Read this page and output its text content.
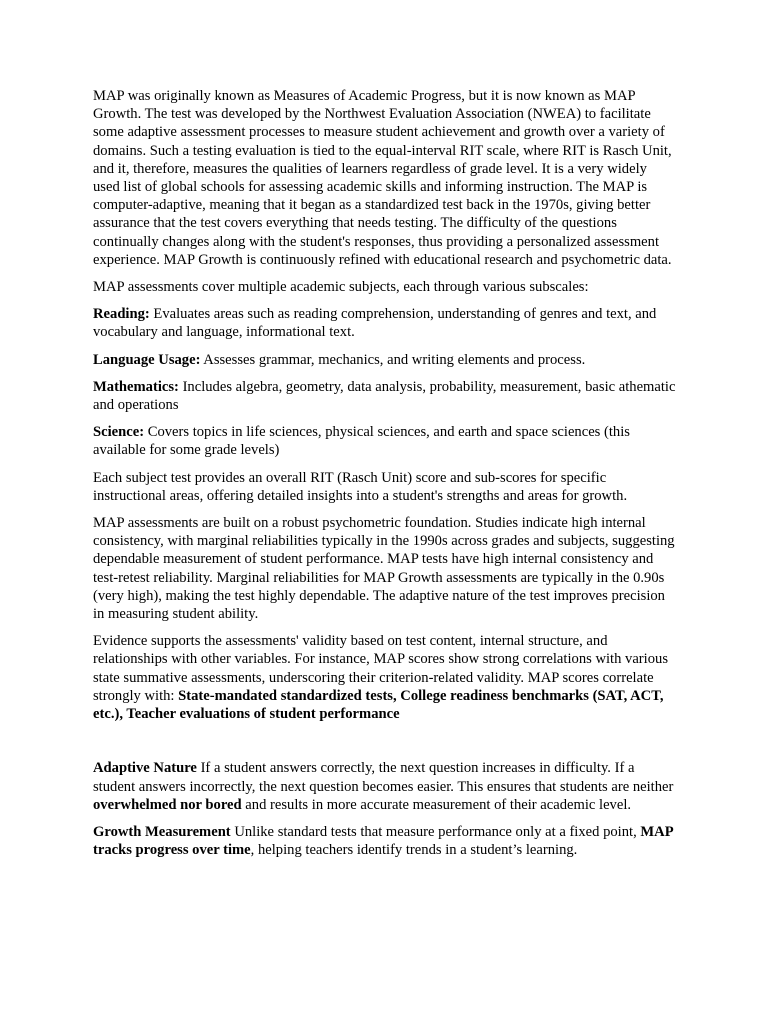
MAP was originally known as Measures of Academic Progress, but it is now known as MAP Growth. The test was developed by the Northwest Evaluation Association (NWEA) to facilitate some adaptive assessment processes to measure student achievement and growth over a variety of domains. Such a testing evaluation is tied to the equal-interval RIT scale, where RIT is Rasch Unit, and it, therefore, measures the qualities of learners regardless of grade level. It is a very widely used list of global schools for assessing academic skills and informing instruction. The MAP is computer-adaptive, meaning that it began as a standardized test back in the 1970s, giving better assurance that the test covers everything that needs testing. The difficulty of the questions continually changes along with the student's responses, thus providing a personalized assessment experience. MAP Growth is continuously refined with educational research and psychometric data.

MAP assessments cover multiple academic subjects, each through various subscales:

Reading: Evaluates areas such as reading comprehension, understanding of genres and text, and vocabulary and language, informational text.

Language Usage: Assesses grammar, mechanics, and writing elements and process.

Mathematics: Includes algebra, geometry, data analysis, probability, measurement, basic athematic and operations

Science: Covers topics in life sciences, physical sciences, and earth and space sciences (this available for some grade levels)

Each subject test provides an overall RIT (Rasch Unit) score and sub-scores for specific instructional areas, offering detailed insights into a student's strengths and areas for growth.

MAP assessments are built on a robust psychometric foundation. Studies indicate high internal consistency, with marginal reliabilities typically in the 1990s across grades and subjects, suggesting dependable measurement of student performance. MAP tests have high internal consistency and test-retest reliability. Marginal reliabilities for MAP Growth assessments are typically in the 0.90s (very high), making the test highly dependable. The adaptive nature of the test improves precision in measuring student ability.

Evidence supports the assessments' validity based on test content, internal structure, and relationships with other variables. For instance, MAP scores show strong correlations with various state summative assessments, underscoring their criterion-related validity. MAP scores correlate strongly with: State-mandated standardized tests, College readiness benchmarks (SAT, ACT, etc.), Teacher evaluations of student performance

Adaptive Nature If a student answers correctly, the next question increases in difficulty. If a student answers incorrectly, the next question becomes easier. This ensures that students are neither overwhelmed nor bored and results in more accurate measurement of their academic level.

Growth Measurement Unlike standard tests that measure performance only at a fixed point, MAP tracks progress over time, helping teachers identify trends in a student’s learning.
